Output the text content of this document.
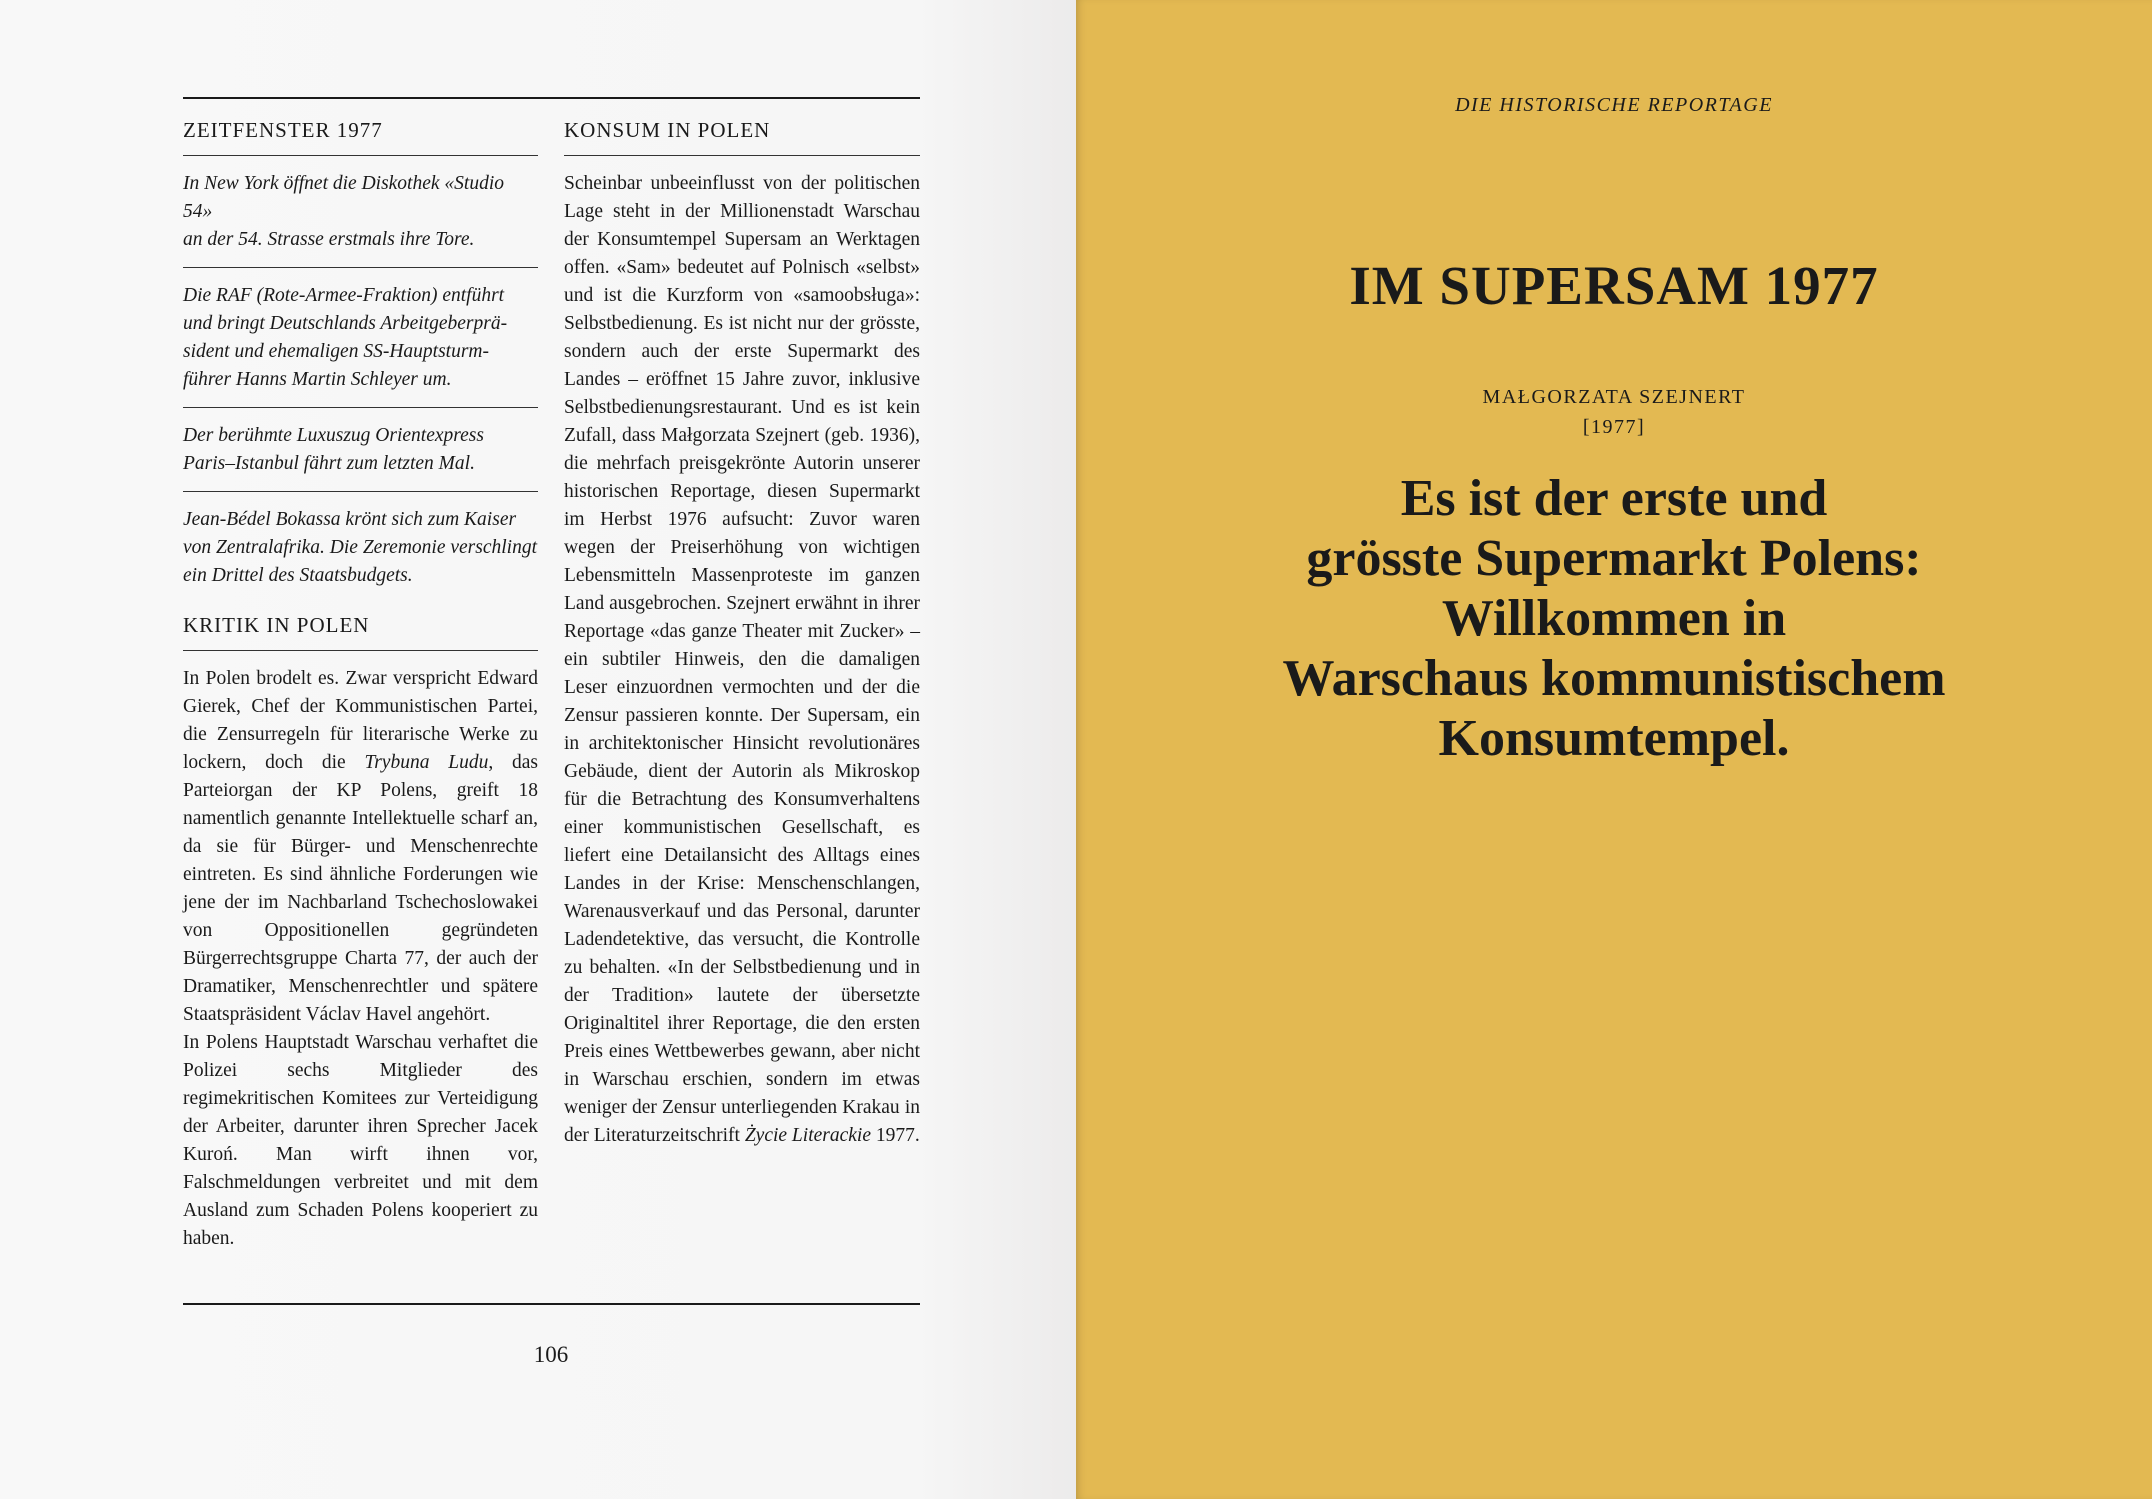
ZEITFENSTER 1977
In New York öffnet die Diskothek «Studio 54»
an der 54. Strasse erstmals ihre Tore.
Die RAF (Rote-Armee-Fraktion) entführt
und bringt Deutschlands Arbeitgeberprä-
sident und ehemaligen SS-Hauptsturm-
führer Hanns Martin Schleyer um.
Der berühmte Luxuszug Orientexpress
Paris–Istanbul fährt zum letzten Mal.
Jean-Bédel Bokassa krönt sich zum Kaiser
von Zentralafrika. Die Zeremonie verschlingt
ein Drittel des Staatsbudgets.
KRITIK IN POLEN

In Polen brodelt es. Zwar verspricht Edward Gierek, Chef der Kommunistischen Partei, die Zensurregeln für literarische Werke zu lockern, doch die Trybuna Ludu, das Parteiorgan der KP Polens, greift 18 namentlich genannte Intellektuelle scharf an, da sie für Bürger- und Menschenrechte eintreten. Es sind ähnliche Forderungen wie jene der im Nachbarland Tschechoslowakei von Oppositionellen gegründeten Bürgerrechtsgruppe Charta 77, der auch der Dramatiker, Menschenrechtler und spätere Staatspräsident Václav Havel angehört.

In Polens Hauptstadt Warschau verhaftet die Polizei sechs Mitglieder des regimekritischen Komitees zur Verteidigung der Arbeiter, darunter ihren Sprecher Jacek Kuroń. Man wirft ihnen vor, Falschmeldungen verbreitet und mit dem Ausland zum Schaden Polens kooperiert zu haben.

KONSUM IN POLEN

Scheinbar unbeeinflusst von der politischen Lage steht in der Millionenstadt Warschau der Konsumtempel Supersam an Werktagen offen. «Sam» bedeutet auf Polnisch «selbst» und ist die Kurzform von «samoobsługa»: Selbstbedienung. Es ist nicht nur der grösste, sondern auch der erste Supermarkt des Landes – eröffnet 15 Jahre zuvor, inklusive Selbstbedienungsrestaurant. Und es ist kein Zufall, dass Małgorzata Szejnert (geb. 1936), die mehrfach preisgekrönte Autorin unserer historischen Reportage, diesen Supermarkt im Herbst 1976 aufsucht: Zuvor waren wegen der Preiserhöhung von wichtigen Lebensmitteln Massenproteste im ganzen Land ausgebrochen. Szejnert erwähnt in ihrer Reportage «das ganze Theater mit Zucker» – ein subtiler Hinweis, den die damaligen Leser einzuordnen vermochten und der die Zensur passieren konnte. Der Supersam, ein in architektonischer Hinsicht revolutionäres Gebäude, dient der Autorin als Mikroskop für die Betrachtung des Konsumverhaltens einer kommunistischen Gesellschaft, es liefert eine Detailansicht des Alltags eines Landes in der Krise: Menschenschlangen, Warenausverkauf und das Personal, darunter Ladendetektive, das versucht, die Kontrolle zu behalten. «In der Selbstbedienung und in der Tradition» lautete der übersetzte Originaltitel ihrer Reportage, die den ersten Preis eines Wettbewerbes gewann, aber nicht in Warschau erschien, sondern im etwas weniger der Zensur unterliegenden Krakau in der Literaturzeitschrift Życie Literackie 1977.

106
DIE HISTORISCHE REPORTAGE
IM SUPERSAM 1977
MAŁGORZATA SZEJNERT
[1977]
Es ist der erste und
grösste Supermarkt Polens:
Willkommen in
Warschaus kommunistischem
Konsumtempel.
